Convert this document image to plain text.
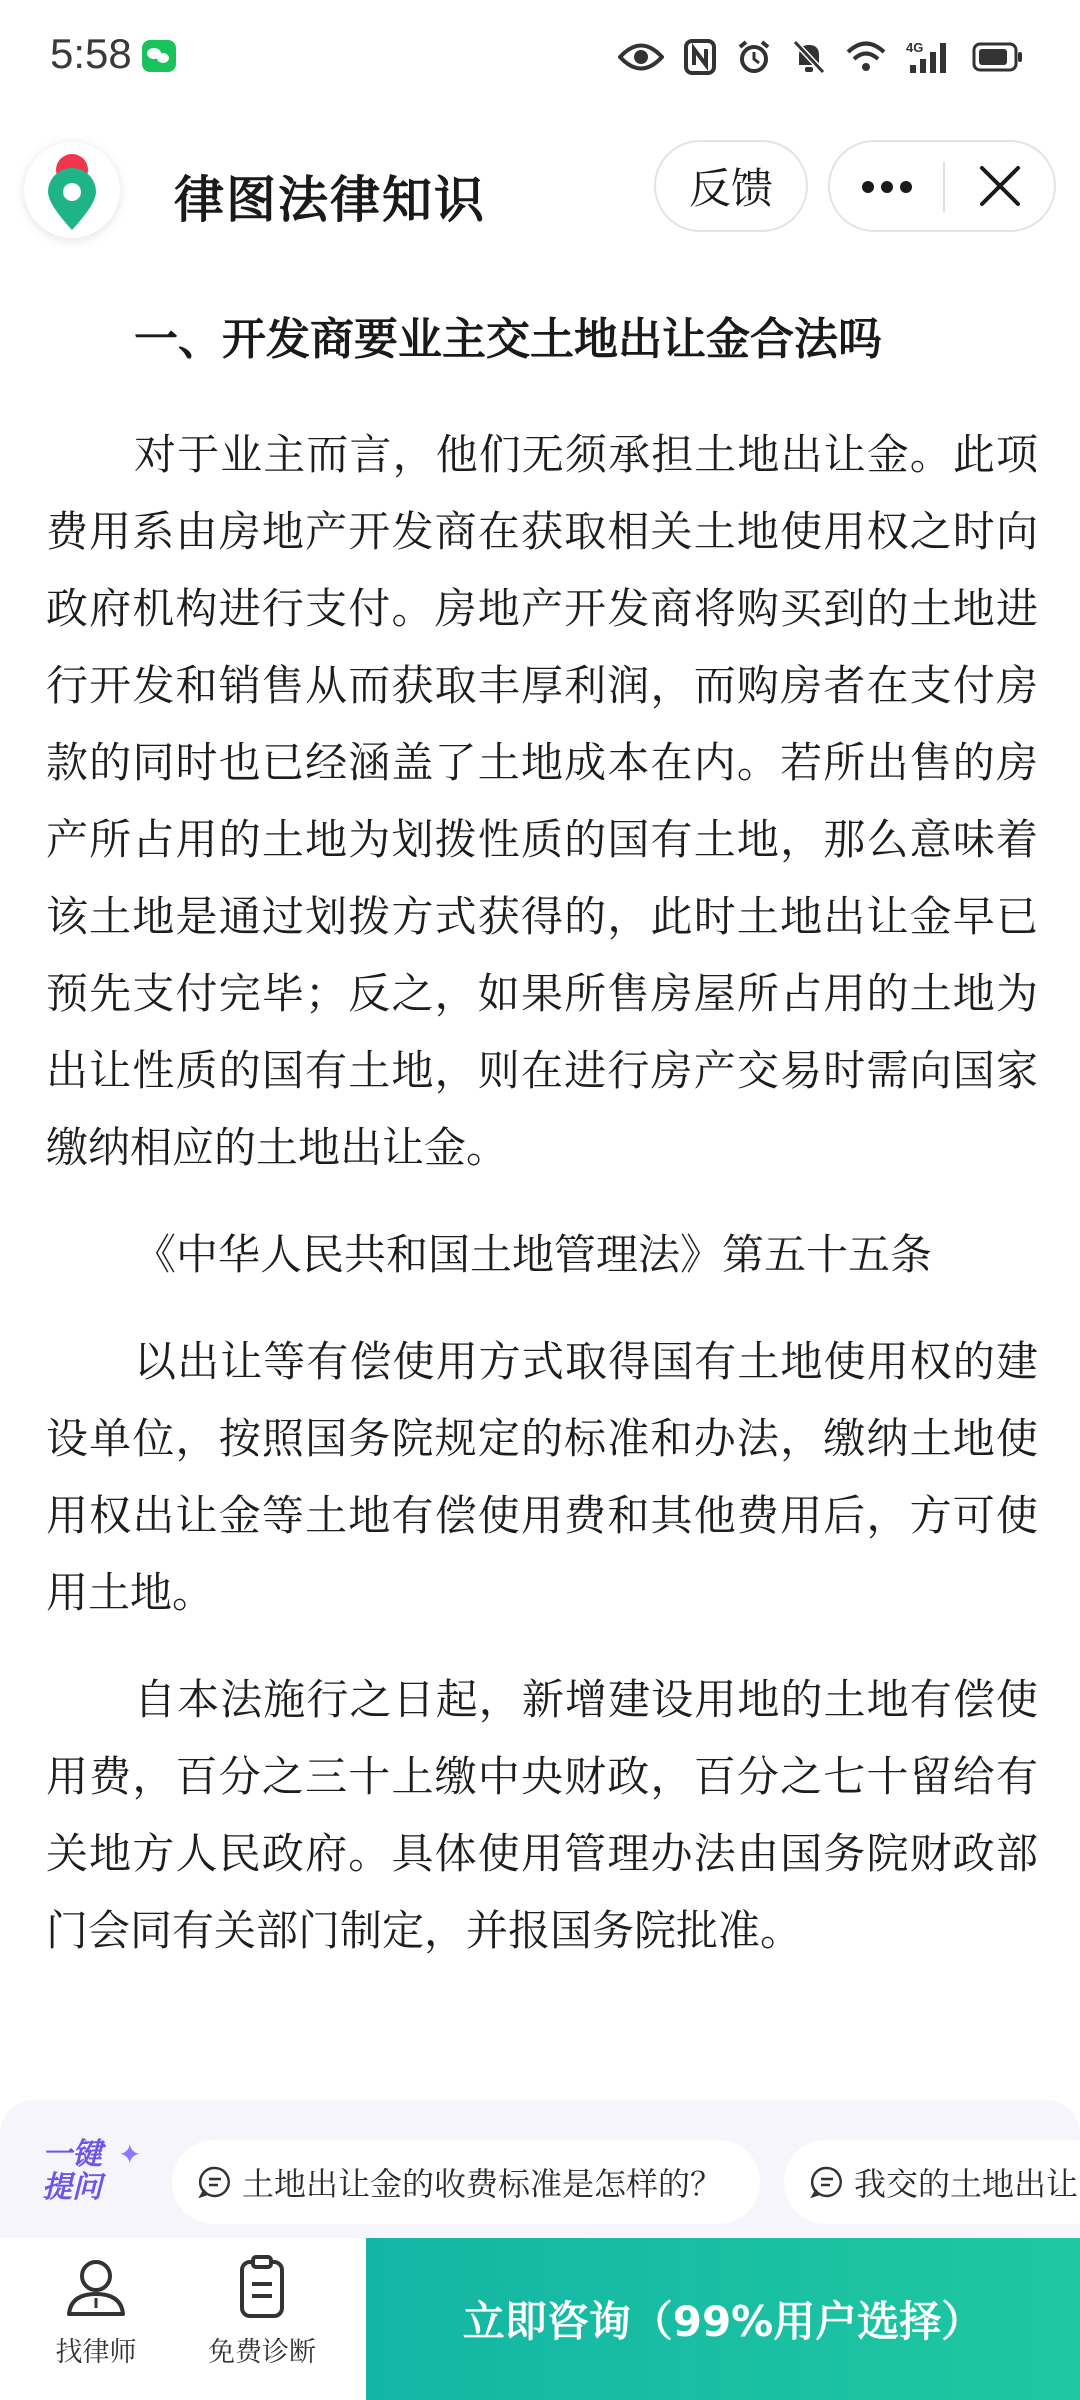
5:58	4G
律图法律知识	反馈
一、开发商要业主交土地出让金合法吗

对于业主而言，他们无须承担土地出让金。此项费用系由房地产开发商在获取相关土地使用权之时向政府机构进行支付。房地产开发商将购买到的土地进行开发和销售从而获取丰厚利润，而购房者在支付房款的同时也已经涵盖了土地成本在内。若所出售的房产所占用的土地为划拨性质的国有土地，那么意味着该土地是通过划拨方式获得的，此时土地出让金早已预先支付完毕；反之，如果所售房屋所占用的土地为出让性质的国有土地，则在进行房产交易时需向国家缴纳相应的土地出让金。

《中华人民共和国土地管理法》第五十五条

以出让等有偿使用方式取得国有土地使用权的建设单位，按照国务院规定的标准和办法，缴纳土地使用权出让金等土地有偿使用费和其他费用后，方可使用土地。

自本法施行之日起，新增建设用地的土地有偿使用费，百分之三十上缴中央财政，百分之七十留给有关地方人民政府。具体使用管理办法由国务院财政部门会同有关部门制定，并报国务院批准。

一键
提问
✦
土地出让金的收费标准是怎样的？	我交的土地出让
找律师	免费诊断
立即咨询（99%用户选择）
